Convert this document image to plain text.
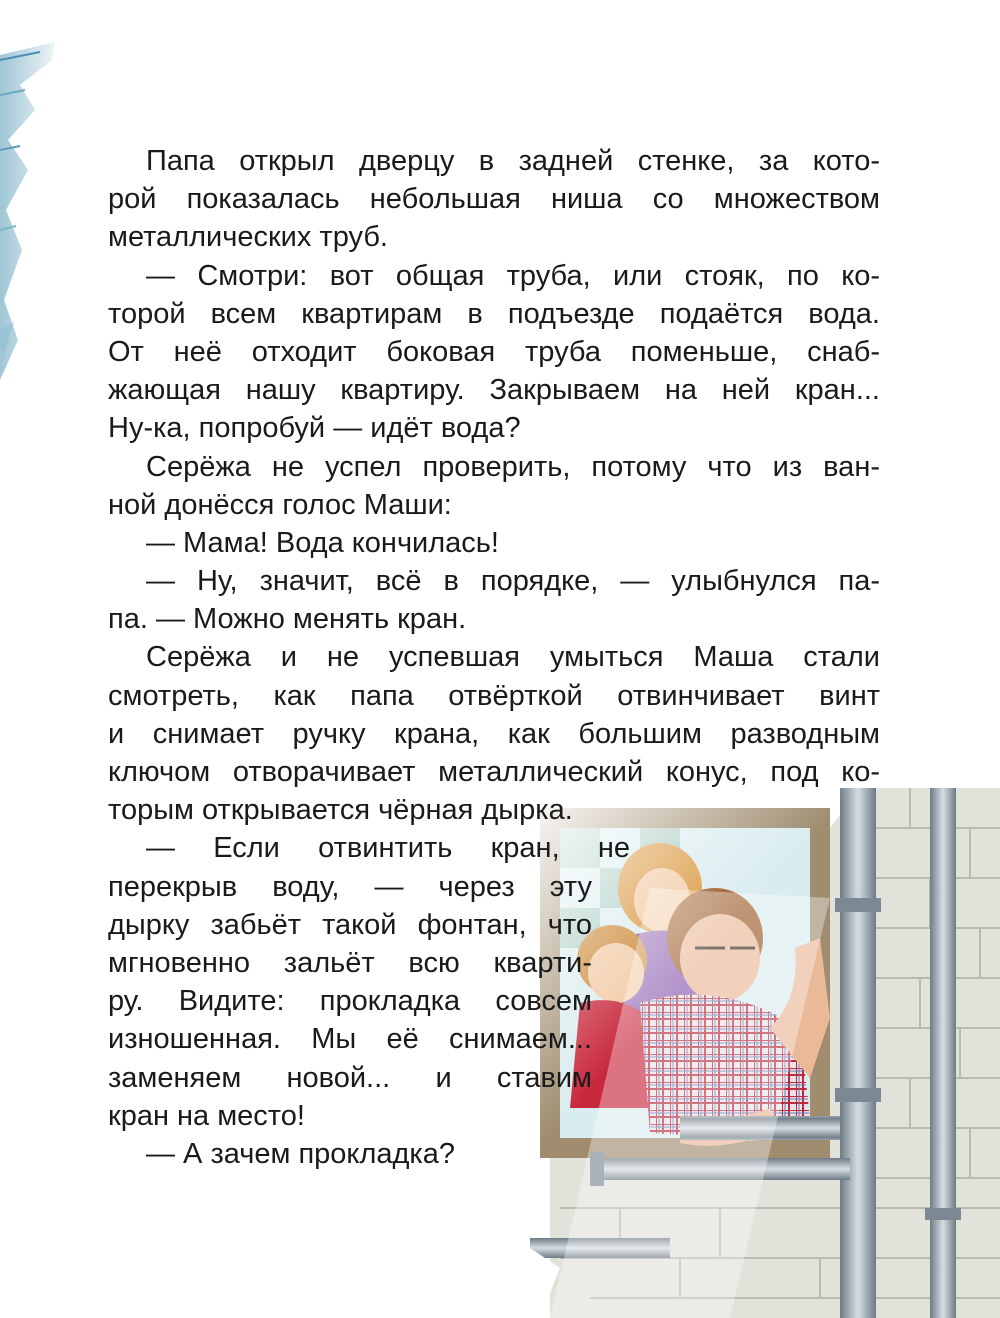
Папа открыл дверцу в задней стенке, за кото-
рой показалась небольшая ниша со множеством
металлических труб.
— Смотри: вот общая труба, или стояк, по ко-
торой всем квартирам в подъезде подаётся вода.
От неё отходит боковая труба поменьше, снаб-
жающая нашу квартиру. Закрываем на ней кран...
Ну-ка, попробуй — идёт вода?
Серёжа не успел проверить, потому что из ван-
ной донёсся голос Маши:
— Мама! Вода кончилась!
— Ну, значит, всё в порядке, — улыбнулся па-
па. — Можно менять кран.
Серёжа и не успевшая умыться Маша стали
смотреть, как папа отвёрткой отвинчивает винт
и снимает ручку крана, как большим разводным
ключом отворачивает металлический конус, под ко-
торым открывается чёрная дырка.
— Если отвинтить кран, не
перекрыв воду, — через эту
дырку забьёт такой фонтан, что
мгновенно зальёт всю кварти-
ру. Видите: прокладка совсем
изношенная. Мы её снимаем...
заменяем новой... и ставим
кран на место!
— А зачем прокладка?
